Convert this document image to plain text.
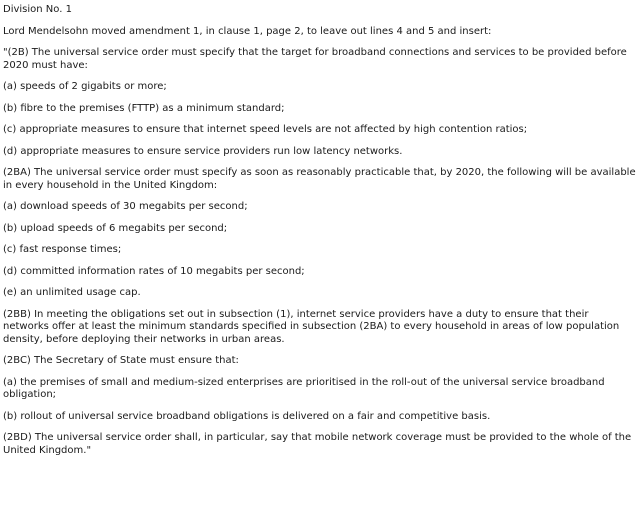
Division No. 1

Lord Mendelsohn moved amendment 1, in clause 1, page 2, to leave out lines 4 and 5 and insert:

"(2B) The universal service order must specify that the target for broadband connections and services to be provided before 2020 must have:

(a) speeds of 2 gigabits or more;

(b) fibre to the premises (FTTP) as a minimum standard;

(c) appropriate measures to ensure that internet speed levels are not affected by high contention ratios;

(d) appropriate measures to ensure service providers run low latency networks.

(2BA) The universal service order must specify as soon as reasonably practicable that, by 2020, the following will be available in every household in the United Kingdom:

(a) download speeds of 30 megabits per second;

(b) upload speeds of 6 megabits per second;

(c) fast response times;

(d) committed information rates of 10 megabits per second;

(e) an unlimited usage cap.

(2BB) In meeting the obligations set out in subsection (1), internet service providers have a duty to ensure that their networks offer at least the minimum standards specified in subsection (2BA) to every household in areas of low population density, before deploying their networks in urban areas.

(2BC) The Secretary of State must ensure that:

(a) the premises of small and medium-sized enterprises are prioritised in the roll-out of the universal service broadband obligation;

(b) rollout of universal service broadband obligations is delivered on a fair and competitive basis.

(2BD) The universal service order shall, in particular, say that mobile network coverage must be provided to the whole of the United Kingdom."
